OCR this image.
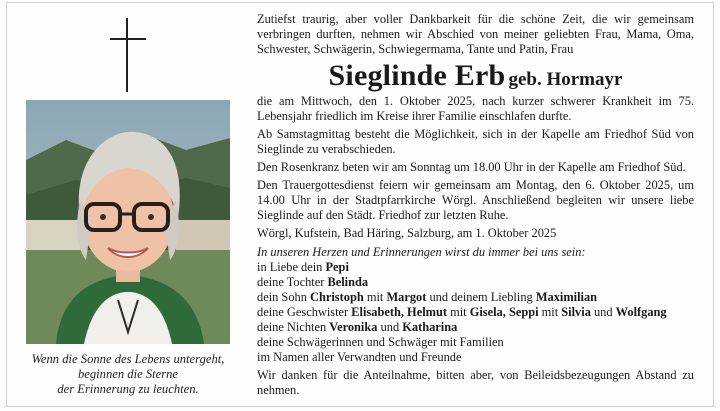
Wenn die Sonne des Lebens untergeht,
beginnen die Sterne
der Erinnerung zu leuchten.

Zutiefst traurig, aber voller Dankbarkeit für die schöne Zeit, die wir gemeinsam verbringen durften, nehmen wir Abschied von meiner geliebten Frau, Mama, Oma, Schwester, Schwägerin, Schwiegermama, Tante und Patin, Frau

Sieglinde Erb geb. Hormayr

die am Mittwoch, den 1. Oktober 2025, nach kurzer schwerer Krankheit im 75. Lebensjahr friedlich im Kreise ihrer Familie einschlafen durfte.

Ab Samstagmittag besteht die Möglichkeit, sich in der Kapelle am Friedhof Süd von Sieglinde zu verabschieden.

Den Rosenkranz beten wir am Sonntag um 18.00 Uhr in der Kapelle am Friedhof Süd.

Den Trauergottesdienst feiern wir gemeinsam am Montag, den 6. Oktober 2025, um 14.00 Uhr in der Stadtpfarrkirche Wörgl. Anschließend begleiten wir unsere liebe Sieglinde auf den Städt. Friedhof zur letzten Ruhe.

Wörgl, Kufstein, Bad Häring, Salzburg, am 1. Oktober 2025

In unseren Herzen und Erinnerungen wirst du immer bei uns sein:

in Liebe dein Pepi

deine Tochter Belinda

dein Sohn Christoph mit Margot und deinem Liebling Maximilian

deine Geschwister Elisabeth, Helmut mit Gisela, Seppi mit Silvia und Wolfgang

deine Nichten Veronika und Katharina

deine Schwägerinnen und Schwäger mit Familien

im Namen aller Verwandten und Freunde

Wir danken für die Anteilnahme, bitten aber, von Beileidsbezeugungen Abstand zu nehmen.
